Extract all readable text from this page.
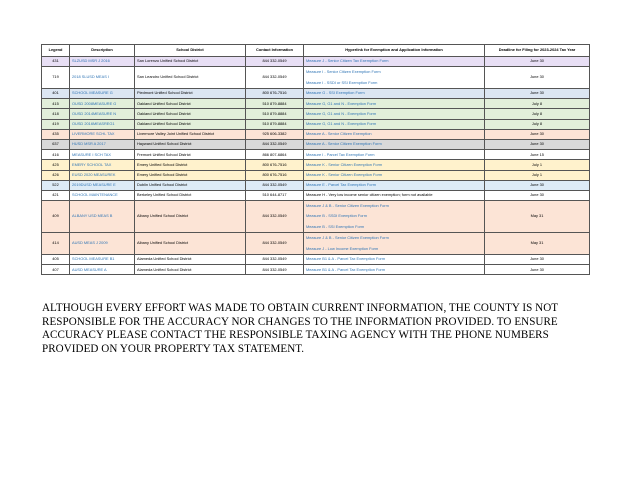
Legend	Description	School District	Contact Information	Hyperlink for Exemption and Application Information	Deadline for Filing for 2023-2024 Tax Year
431	SLZUSD MSR J 2016	San Lorenzo Unified School District	844 332-0549	Measure J - Senior Citizen Tax Exemption Form	June 30
719	2018 SLUSD MEAS I	San Leandro Unified School District	844 332-0549	Measure I - Senior Citizen Exemption Form
Measure I - SSDI or SSI Exemption Form	June 30
401	SCHOOL MEASURE G	Piedmont Unified School District	800 676-7516	Measure G - SSI Exemption Form	June 30
415	OUSD 2008MEASURE G	Oakland Unified School District	510 879-8884	Measure G, G1 and N - Exemption Form	July 8
418	OUSD 2014MEASURE N	Oakland Unified School District	510 879-8884	Measure G, G1 and N - Exemption Form	July 8
419	OUSD 2016MEASREG1	Oakland Unified School District	510 879-8884	Measure G, G1 and N - Exemption Form	July 8
435	LIVERMORE SCHL TAX	Livermore Valley Joint Unified School District	925 606-3382	Measure A - Senior Citizen Exemption	June 30
637	HUSD MSR A 2017	Hayward Unified School District	844 332-0549	Measure A - Senior Citizen Exemption Form	June 30
416	MEASURE I SCH TAX	Fremont Unified School District	866 807-6864	Measure I - Parcel Tax Exemption Form	June 15
425	EMERY SCHOOL TAX	Emery Unified School District	800 676-7516	Measure K - Senior Citizen Exemption Form	July 1
426	EUSD 2020 MEASUREK	Emery Unified School District	800 676-7516	Measure K - Senior Citizen Exemption Form	July 1
522	2019DUSD MEASURE E	Dublin Unified School District	844 332-0549	Measure E - Parcel Tax Exemption Form	June 30
421	SCHOOL MAINTENANCE	Berkeley Unified School District	510 644-8717	Measure H - Very low income senior citizen exemption; form not available	June 30
409	ALBANY USD MEAS B	Albany Unified School District	844 332-0549	Measure J & B - Senior Citizen Exemption Form
Measure B - SSDI Exemption Form
Measure B - SSI Exemption Form	May 31
414	AUSD MEAS J 2009	Albany Unified School District	844 332-0549	Measure J & B - Senior Citizen Exemption Form
Measure J - Low Income Exemption Form	May 31
405	SCHOOL MEASURE B1	Alameda Unified School District	844 332-0549	Measure B1 & A - Parcel Tax Exemption Form	June 30
407	AUSD MEASURE A	Alameda Unified School District	844 332-0549	Measure B1 & A - Parcel Tax Exemption Form	June 30

ALTHOUGH EVERY EFFORT WAS MADE TO OBTAIN CURRENT INFORMATION, THE COUNTY IS NOT RESPONSIBLE FOR THE ACCURACY NOR CHANGES TO THE INFORMATION PROVIDED. TO ENSURE ACCURACY PLEASE CONTACT THE RESPONSIBLE TAXING AGENCY WITH THE PHONE NUMBERS PROVIDED ON YOUR PROPERTY TAX STATEMENT.
